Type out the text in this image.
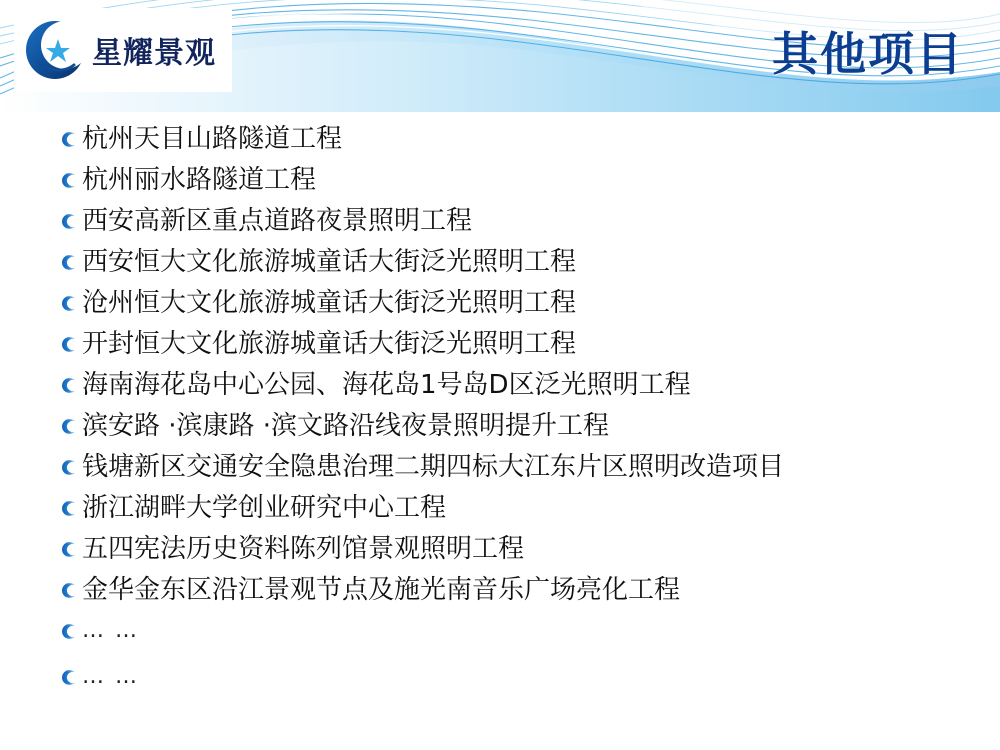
星耀景观	其他项目
杭州天目山路隧道工程
杭州丽水路隧道工程
西安高新区重点道路夜景照明工程
西安恒大文化旅游城童话大街泛光照明工程
沧州恒大文化旅游城童话大街泛光照明工程
开封恒大文化旅游城童话大街泛光照明工程
海南海花岛中心公园、海花岛1号岛D区泛光照明工程
滨安路 ·滨康路 ·滨文路沿线夜景照明提升工程
钱塘新区交通安全隐患治理二期四标大江东片区照明改造项目
浙江湖畔大学创业研究中心工程
五四宪法历史资料陈列馆景观照明工程
金华金东区沿江景观节点及施光南音乐广场亮化工程
… …
… …
